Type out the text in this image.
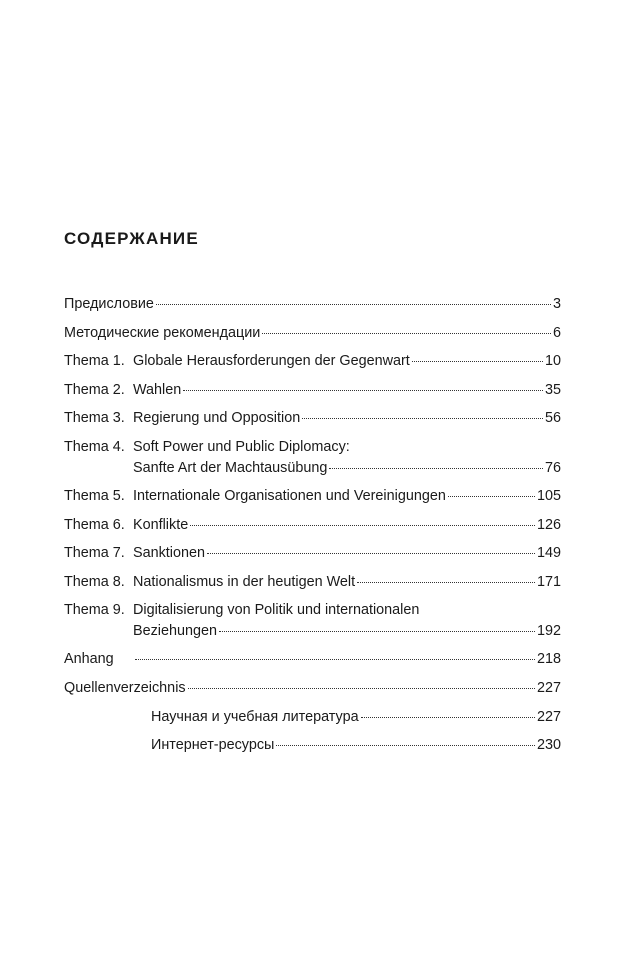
СОДЕРЖАНИЕ
Предисловие	3
Методические рекомендации	6
Thema 1. Globale Herausforderungen der Gegenwart	10
Thema 2. Wahlen	35
Thema 3. Regierung und Opposition	56
Thema 4. Soft Power und Public Diplomacy:
Sanfte Art der Machtausübung	76
Thema 5. Internationale Organisationen und Vereinigungen	105
Thema 6. Konflikte	126
Thema 7. Sanktionen	149
Thema 8. Nationalismus in der heutigen Welt	171
Thema 9. Digitalisierung von Politik und internationalen
Beziehungen	192
Anhang	218
Quellenverzeichnis	227
Научная и учебная литература	227
Интернет-ресурсы	230
